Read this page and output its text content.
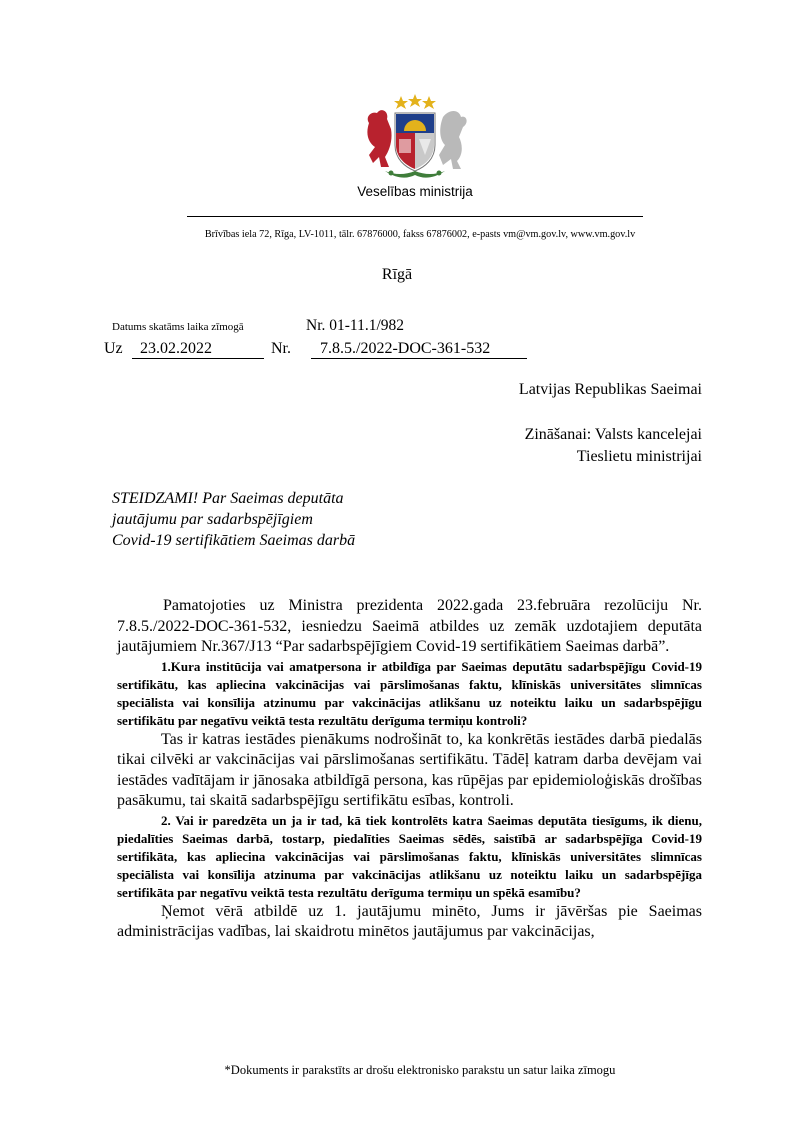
Veselības ministrija
Brīvības iela 72, Rīga, LV-1011, tālr. 67876000, fakss 67876002, e-pasts vm@vm.gov.lv, www.vm.gov.lv
Rīgā
Datums skatāms laika zīmogā	Nr. 01-11.1/982
Uz	23.02.2022	Nr.	7.8.5./2022-DOC-361-532
Latvijas Republikas Saeimai
Zināšanai: Valsts kancelejai
Tieslietu ministrijai
STEIDZAMI! Par Saeimas deputāta
jautājumu par sadarbspējīgiem
Covid-19 sertifikātiem Saeimas darbā

Pamatojoties uz Ministra prezidenta 2022.gada 23.februāra rezolūciju Nr. 7.8.5./2022-DOC-361-532, iesniedzu Saeimā atbildes uz zemāk uzdotajiem deputāta jautājumiem Nr.367/J13 “Par sadarbspējīgiem Covid-19 sertifikātiem Saeimas darbā”.

1.Kura institūcija vai amatpersona ir atbildīga par Saeimas deputātu sadarbspējīgu Covid-19 sertifikātu, kas apliecina vakcinācijas vai pārslimošanas faktu, klīniskās universitātes slimnīcas speciālista vai konsīlija atzinumu par vakcinācijas atlikšanu uz noteiktu laiku un sadarbspējīgu sertifikātu par negatīvu veiktā testa rezultātu derīguma termiņu kontroli?

Tas ir katras iestādes pienākums nodrošināt to, ka konkrētās iestādes darbā piedalās tikai cilvēki ar vakcinācijas vai pārslimošanas sertifikātu. Tādēļ katram darba devējam vai iestādes vadītājam ir jānosaka atbildīgā persona, kas rūpējas par epidemioloģiskās drošības pasākumu, tai skaitā sadarbspējīgu sertifikātu esības, kontroli.

2. Vai ir paredzēta un ja ir tad, kā tiek kontrolēts katra Saeimas deputāta tiesīgums, ik dienu, piedalīties Saeimas darbā, tostarp, piedalīties Saeimas sēdēs, saistībā ar sadarbspējīga Covid-19 sertifikāta, kas apliecina vakcinācijas vai pārslimošanas faktu, klīniskās universitātes slimnīcas speciālista vai konsīlija atzinuma par vakcinācijas atlikšanu uz noteiktu laiku un sadarbspējīga sertifikāta par negatīvu veiktā testa rezultātu derīguma termiņu un spēkā esamību?

Ņemot vērā atbildē uz 1. jautājumu minēto, Jums ir jāvēršas pie Saeimas administrācijas vadības, lai skaidrotu minētos jautājumus par vakcinācijas,

*Dokuments ir parakstīts ar drošu elektronisko parakstu un satur laika zīmogu
